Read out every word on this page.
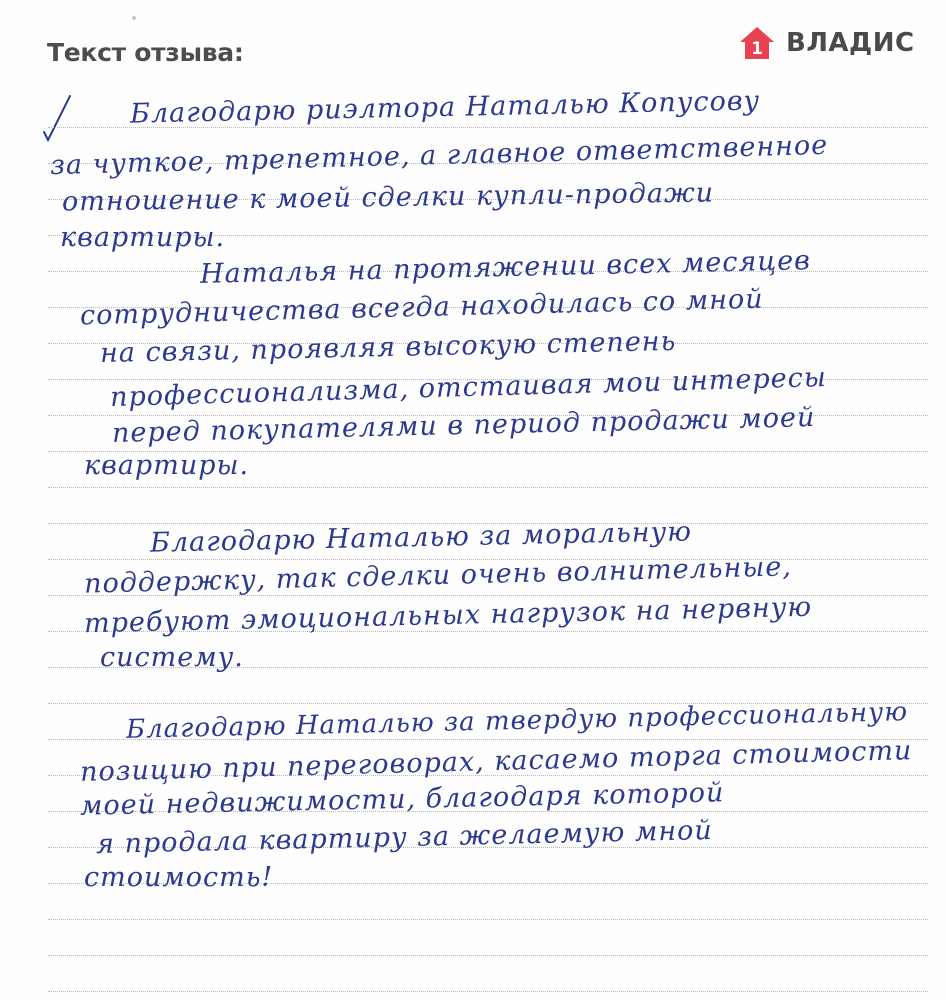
Текст отзыва:	1 ВЛАДИС
Благодарю риэлтора Наталью Копусову
за чуткое, трепетное, а главное ответственное
отношение к моей сделки купли-продажи
квартиры.
Наталья на протяжении всех месяцев
сотрудничества всегда находилась со мной
на связи, проявляя высокую степень
профессионализма, отстаивая мои интересы
перед покупателями в период продажи моей
квартиры.
Благодарю Наталью за моральную
поддержку, так сделки очень волнительные,
требуют эмоциональных нагрузок на нервную
систему.
Благодарю Наталью за твердую профессиональную
позицию при переговорах, касаемо торга стоимости
моей недвижимости, благодаря которой
я продала квартиру за желаемую мной
стоимость!
